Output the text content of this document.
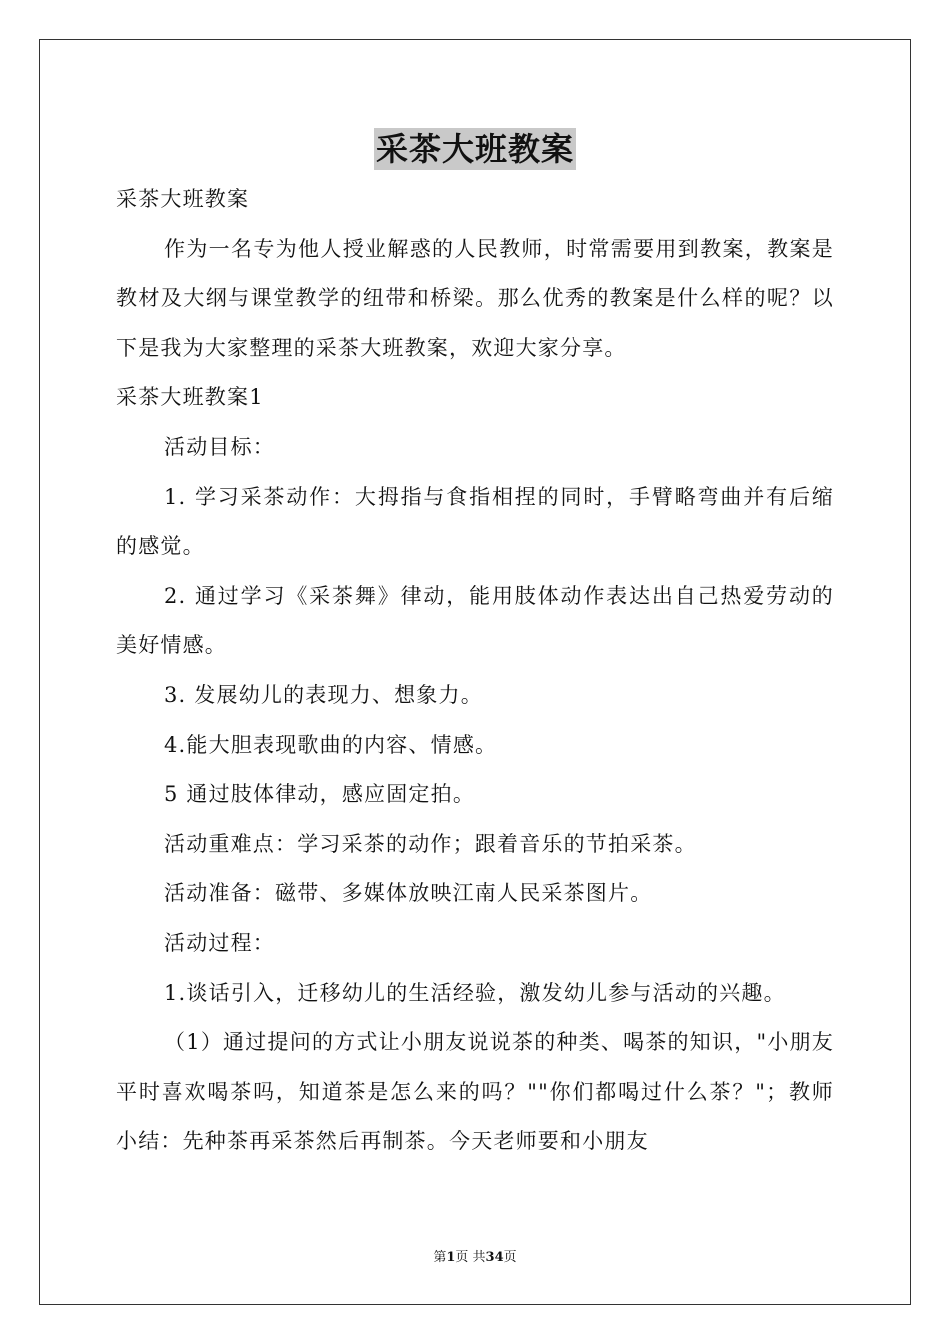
采茶大班教案

采茶大班教案

作为一名专为他人授业解惑的人民教师，时常需要用到教案，教案是教材及大纲与课堂教学的纽带和桥梁。那么优秀的教案是什么样的呢？以下是我为大家整理的采茶大班教案，欢迎大家分享。

采茶大班教案1

活动目标：

1. 学习采茶动作：大拇指与食指相捏的同时，手臂略弯曲并有后缩的感觉。

2. 通过学习《采茶舞》律动，能用肢体动作表达出自己热爱劳动的美好情感。

3. 发展幼儿的表现力、想象力。

4.能大胆表现歌曲的内容、情感。

5 通过肢体律动，感应固定拍。

活动重难点：学习采茶的动作；跟着音乐的节拍采茶。

活动准备：磁带、多媒体放映江南人民采茶图片。

活动过程：

1.谈话引入，迁移幼儿的生活经验，激发幼儿参与活动的兴趣。

（1）通过提问的方式让小朋友说说茶的种类、喝茶的知识，"小朋友平时喜欢喝茶吗，知道茶是怎么来的吗？""你们都喝过什么茶？"；教师小结：先种茶再采茶然后再制茶。今天老师要和小朋友

第1页 共34页
